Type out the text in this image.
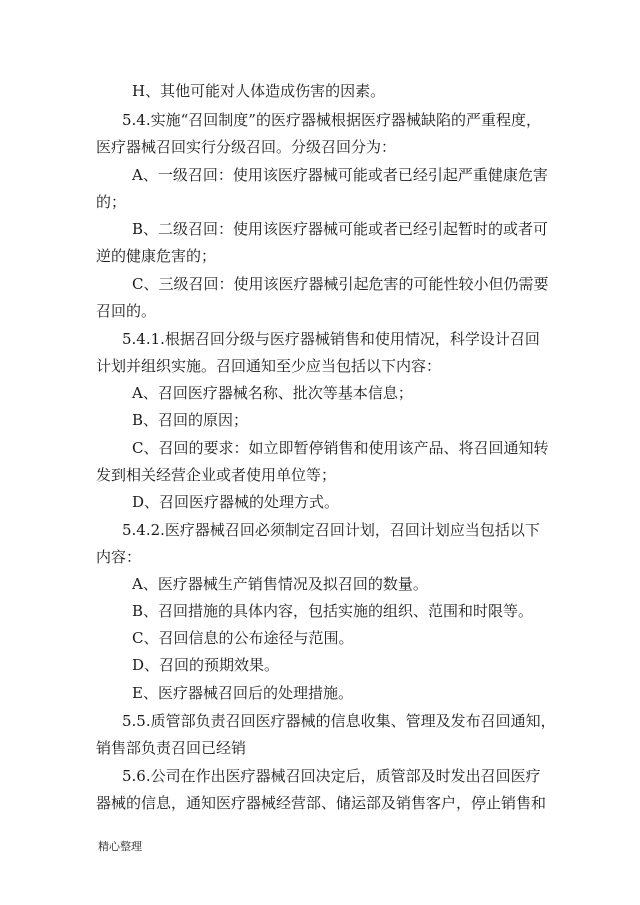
H、其他可能对人体造成伤害的因素。
5.4.实施“召回制度”的医疗器械根据医疗器械缺陷的严重程度，
医疗器械召回实行分级召回。分级召回分为：
A、一级召回：使用该医疗器械可能或者已经引起严重健康危害
的；
B、二级召回：使用该医疗器械可能或者已经引起暂时的或者可
逆的健康危害的；
C、三级召回：使用该医疗器械引起危害的可能性较小但仍需要
召回的。
5.4.1.根据召回分级与医疗器械销售和使用情况，科学设计召回
计划并组织实施。召回通知至少应当包括以下内容：
A、召回医疗器械名称、批次等基本信息；
B、召回的原因；
C、召回的要求：如立即暂停销售和使用该产品、将召回通知转
发到相关经营企业或者使用单位等；
D、召回医疗器械的处理方式。
5.4.2.医疗器械召回必须制定召回计划，召回计划应当包括以下
内容：
A、医疗器械生产销售情况及拟召回的数量。
B、召回措施的具体内容，包括实施的组织、范围和时限等。
C、召回信息的公布途径与范围。
D、召回的预期效果。
E、医疗器械召回后的处理措施。
5.5.质管部负责召回医疗器械的信息收集、管理及发布召回通知，
销售部负责召回已经销
5.6.公司在作出医疗器械召回决定后，质管部及时发出召回医疗
器械的信息，通知医疗器械经营部、储运部及销售客户，停止销售和
精心整理
